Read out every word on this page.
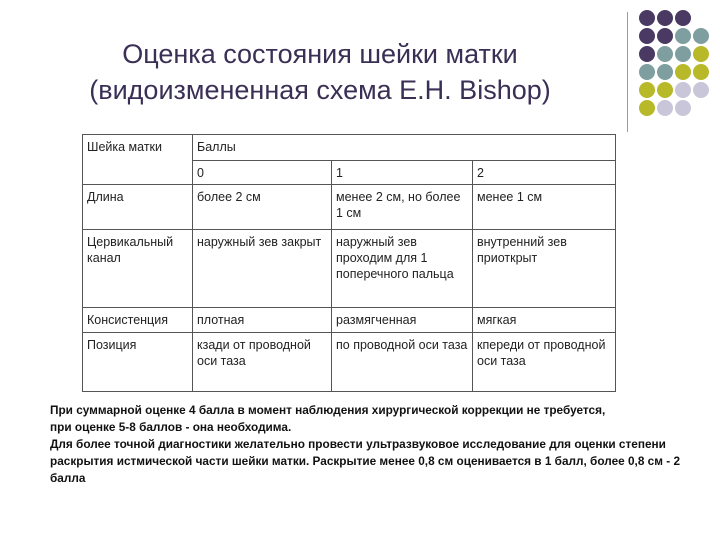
Оценка состояния шейки матки
(видоизмененная схема E.H. Bishop)
Шейка матки	Баллы		
	0	1	2
Длина	более 2 см	менее 2 см, но более 1 см	менее 1 см
Цервикальный канал	наружный зев закрыт	наружный зев проходим для 1 поперечного пальца	внутренний зев приоткрыт
Консистенция	плотная	размягченная	мягкая
Позиция	кзади от проводной оси таза	по проводной оси таза	кпереди от проводной оси таза
При суммарной оценке 4 балла в момент наблюдения хирургической коррекции не требуется,
при оценке 5-8 баллов - она необходима.
Для более точной диагностики желательно провести ультразвуковое исследование для оценки степени раскрытия истмической части шейки матки. Раскрытие менее 0,8 см оценивается в 1 балл, более 0,8 см - 2 балла
